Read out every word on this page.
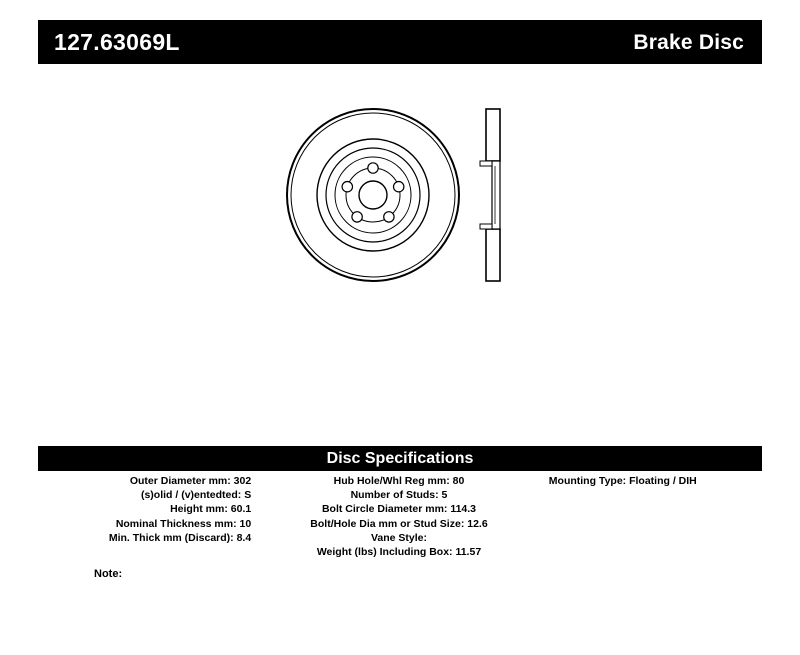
127.63069L	Brake Disc
Disc Specifications
Outer Diameter mm: 302
(s)olid / (v)entedted: S
Height mm: 60.1
Nominal Thickness mm: 10
Min. Thick mm (Discard): 8.4
Hub Hole/Whl Reg mm: 80
Number of Studs: 5
Bolt Circle Diameter mm: 114.3
Bolt/Hole Dia mm or Stud Size: 12.6
Vane Style:
Weight (lbs) Including Box: 11.57
Mounting Type: Floating / DIH
Note:
